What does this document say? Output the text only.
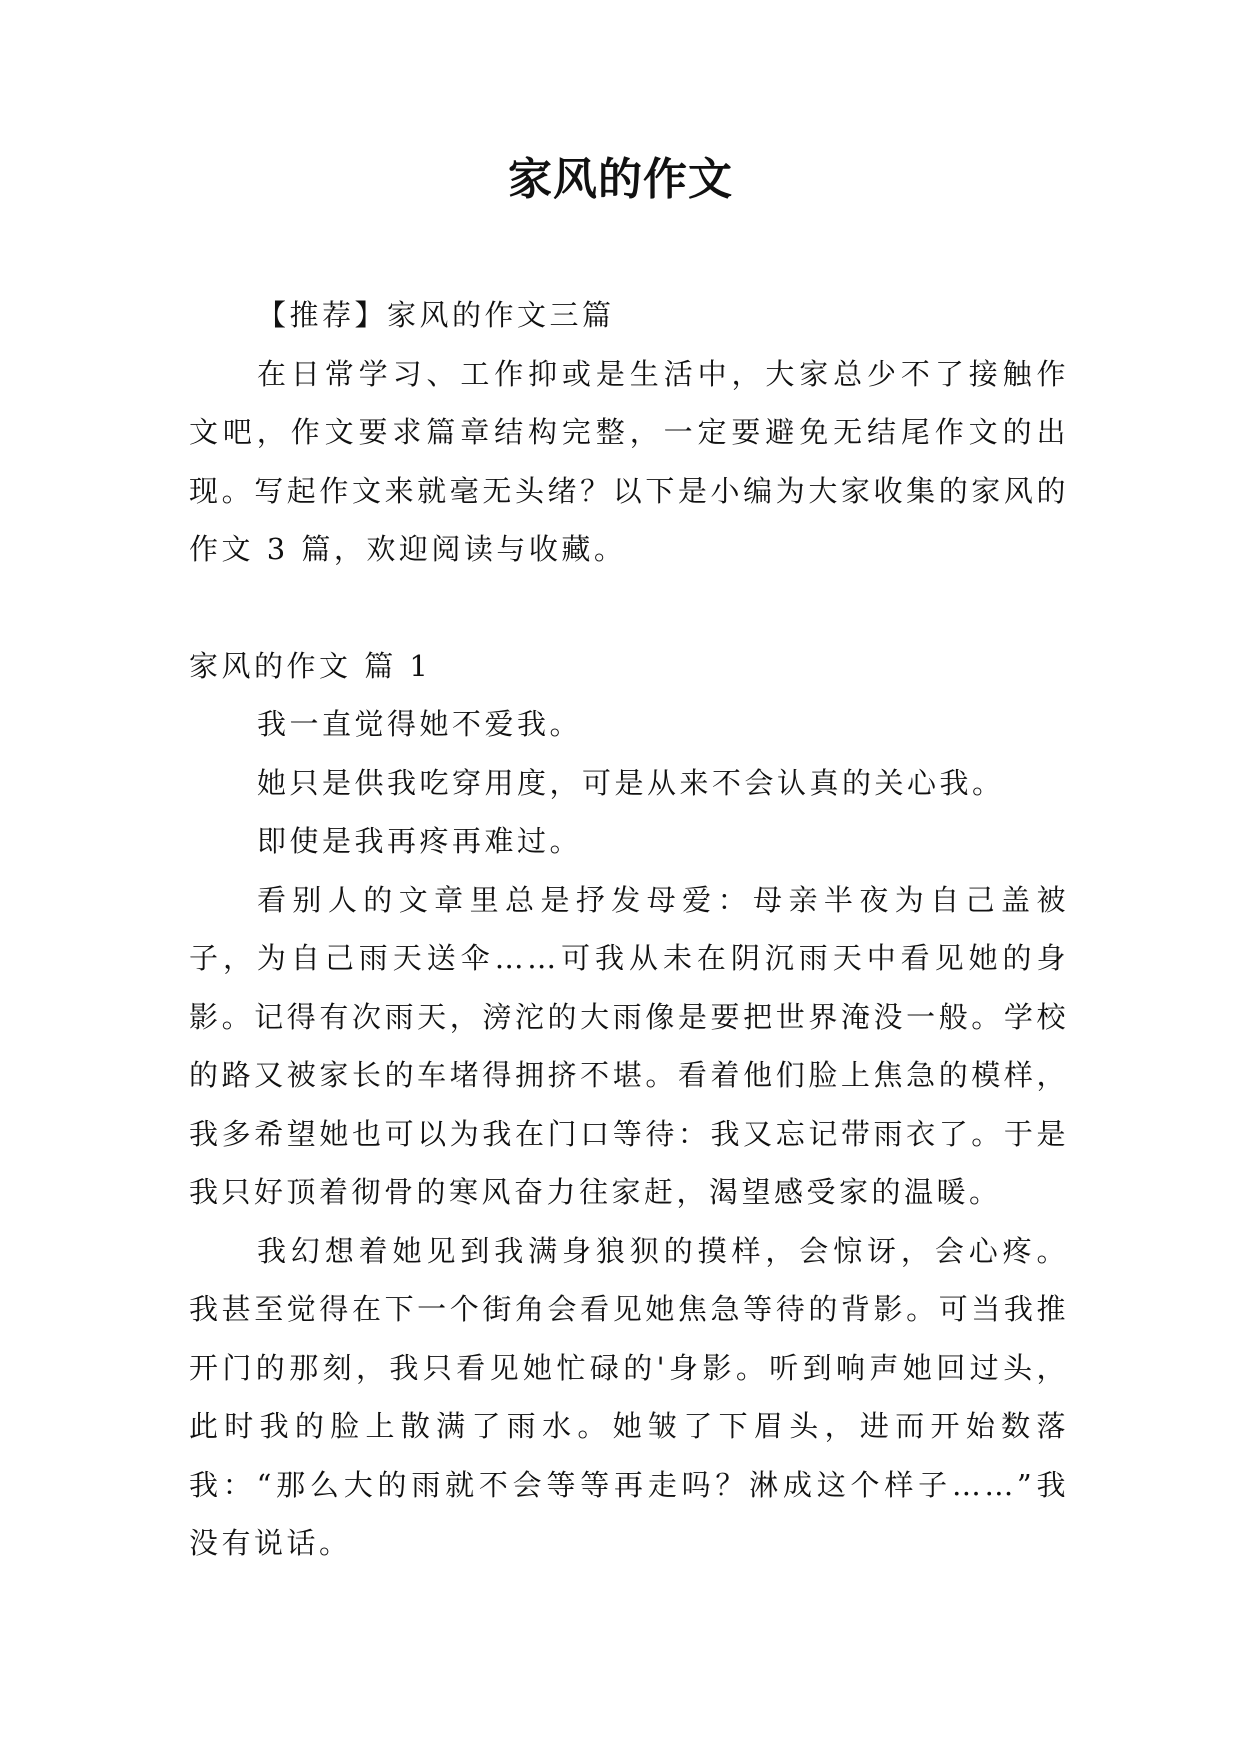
家风的作文

【推荐】家风的作文三篇

在日常学习、工作抑或是生活中，大家总少不了接触作文吧，作文要求篇章结构完整，一定要避免无结尾作文的出现。写起作文来就毫无头绪？以下是小编为大家收集的家风的作文 3 篇，欢迎阅读与收藏。

家风的作文 篇 1

我一直觉得她不爱我。

她只是供我吃穿用度，可是从来不会认真的关心我。

即使是我再疼再难过。

看别人的文章里总是抒发母爱：母亲半夜为自己盖被子，为自己雨天送伞……可我从未在阴沉雨天中看见她的身影。记得有次雨天，滂沱的大雨像是要把世界淹没一般。学校的路又被家长的车堵得拥挤不堪。看着他们脸上焦急的模样，我多希望她也可以为我在门口等待：我又忘记带雨衣了。于是我只好顶着彻骨的寒风奋力往家赶，渴望感受家的温暖。

我幻想着她见到我满身狼狈的摸样，会惊讶，会心疼。我甚至觉得在下一个街角会看见她焦急等待的背影。可当我推开门的那刻，我只看见她忙碌的'身影。听到响声她回过头，此时我的脸上散满了雨水。她皱了下眉头，进而开始数落我：“那么大的雨就不会等等再走吗？淋成这个样子……”我没有说话。
